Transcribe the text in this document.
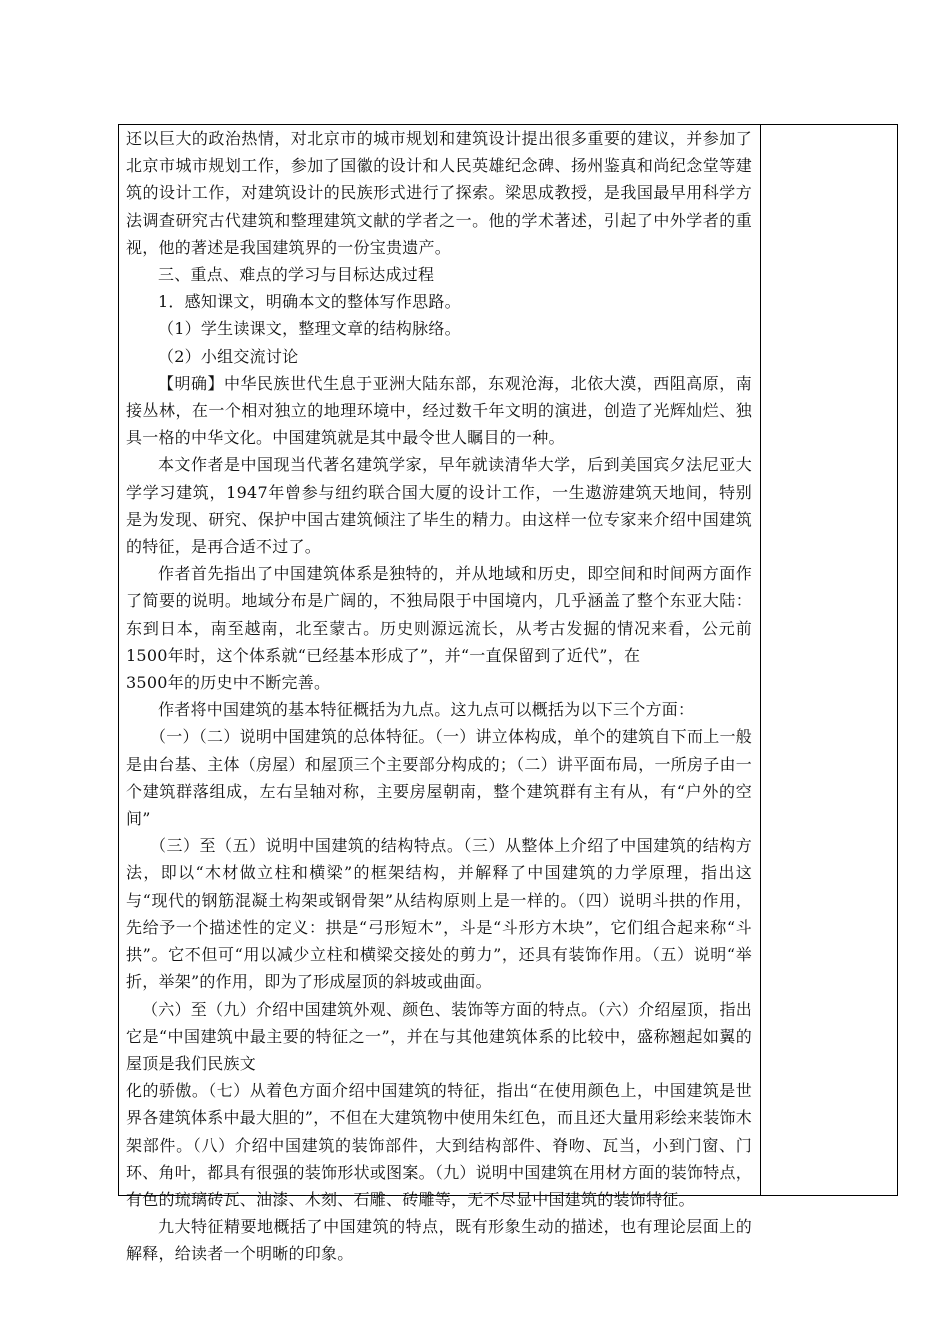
还以巨大的政治热情，对北京市的城市规划和建筑设计提出很多重要的建议，并参加了北京市城市规划工作，参加了国徽的设计和人民英雄纪念碑、扬州鉴真和尚纪念堂等建筑的设计工作，对建筑设计的民族形式进行了探索。梁思成教授，是我国最早用科学方法调查研究古代建筑和整理建筑文献的学者之一。他的学术著述，引起了中外学者的重视，他的著述是我国建筑界的一份宝贵遗产。

三、重点、难点的学习与目标达成过程

1．感知课文，明确本文的整体写作思路。

（1）学生读课文，整理文章的结构脉络。

（2）小组交流讨论

【明确】中华民族世代生息于亚洲大陆东部，东观沧海，北依大漠，西阻高原，南接丛林，在一个相对独立的地理环境中，经过数千年文明的演进，创造了光辉灿烂、独具一格的中华文化。中国建筑就是其中最令世人瞩目的一种。

本文作者是中国现当代著名建筑学家，早年就读清华大学，后到美国宾夕法尼亚大学学习建筑，1947年曾参与纽约联合国大厦的设计工作，一生遨游建筑天地间，特别是为发现、研究、保护中国古建筑倾注了毕生的精力。由这样一位专家来介绍中国建筑的特征，是再合适不过了。

作者首先指出了中国建筑体系是独特的，并从地域和历史，即空间和时间两方面作了简要的说明。地域分布是广阔的，不独局限于中国境内，几乎涵盖了整个东亚大陆：东到日本，南至越南，北至蒙古。历史则源远流长，从考古发掘的情况来看，公元前1500年时，这个体系就“已经基本形成了”，并“一直保留到了近代”，在

3500年的历史中不断完善。

作者将中国建筑的基本特征概括为九点。这九点可以概括为以下三个方面：

（一）（二）说明中国建筑的总体特征。（一）讲立体构成，单个的建筑自下而上一般是由台基、主体（房屋）和屋顶三个主要部分构成的；（二）讲平面布局，一所房子由一个建筑群落组成，左右呈轴对称，主要房屋朝南，整个建筑群有主有从，有“户外的空间”

（三）至（五）说明中国建筑的结构特点。（三）从整体上介绍了中国建筑的结构方法，即以“木材做立柱和横梁”的框架结构，并解释了中国建筑的力学原理，指出这与“现代的钢筋混凝土构架或钢骨架”从结构原则上是一样的。（四）说明斗拱的作用，先给予一个描述性的定义：拱是“弓形短木”，斗是“斗形方木块”，它们组合起来称“斗拱”。它不但可“用以减少立柱和横梁交接处的剪力”，还具有装饰作用。（五）说明“举折，举架”的作用，即为了形成屋顶的斜坡或曲面。

（六）至（九）介绍中国建筑外观、颜色、装饰等方面的特点。（六）介绍屋顶，指出它是“中国建筑中最主要的特征之一”，并在与其他建筑体系的比较中，盛称翘起如翼的屋顶是我们民族文

化的骄傲。（七）从着色方面介绍中国建筑的特征，指出“在使用颜色上，中国建筑是世界各建筑体系中最大胆的”，不但在大建筑物中使用朱红色，而且还大量用彩绘来装饰木架部件。（八）介绍中国建筑的装饰部件，大到结构部件、脊吻、瓦当，小到门窗、门环、角叶，都具有很强的装饰形状或图案。（九）说明中国建筑在用材方面的装饰特点，有色的琉璃砖瓦、油漆、木刻、石雕、砖雕等，无不尽显中国建筑的装饰特征。

九大特征精要地概括了中国建筑的特点，既有形象生动的描述，也有理论层面上的解释，给读者一个明晰的印象。
